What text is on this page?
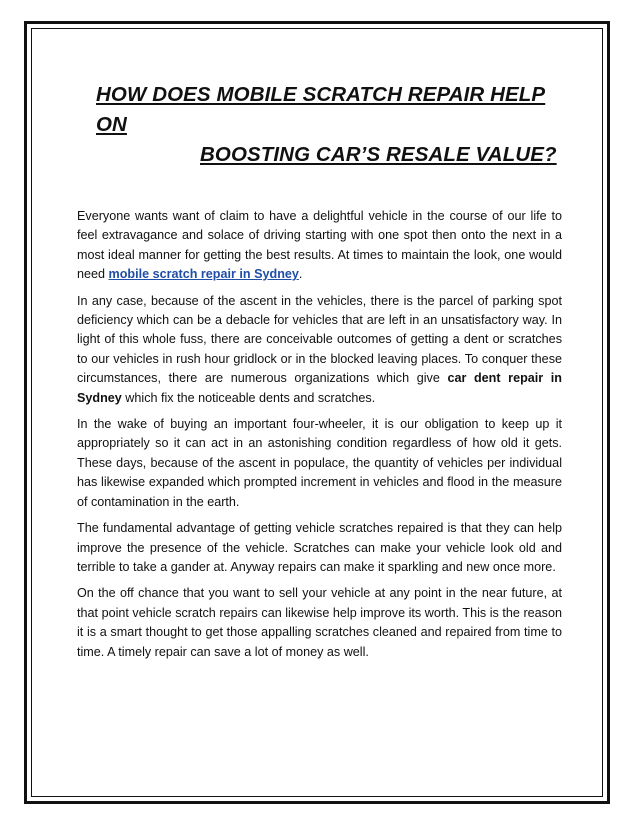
HOW DOES MOBILE SCRATCH REPAIR HELP ON
BOOSTING CAR’S RESALE VALUE?

Everyone wants want of claim to have a delightful vehicle in the course of our life to feel extravagance and solace of driving starting with one spot then onto the next in a most ideal manner for getting the best results. At times to maintain the look, one would need mobile scratch repair in Sydney.

In any case, because of the ascent in the vehicles, there is the parcel of parking spot deficiency which can be a debacle for vehicles that are left in an unsatisfactory way. In light of this whole fuss, there are conceivable outcomes of getting a dent or scratches to our vehicles in rush hour gridlock or in the blocked leaving places. To conquer these circumstances, there are numerous organizations which give car dent repair in Sydney which fix the noticeable dents and scratches.

In the wake of buying an important four-wheeler, it is our obligation to keep up it appropriately so it can act in an astonishing condition regardless of how old it gets. These days, because of the ascent in populace, the quantity of vehicles per individual has likewise expanded which prompted increment in vehicles and flood in the measure of contamination in the earth.

The fundamental advantage of getting vehicle scratches repaired is that they can help improve the presence of the vehicle. Scratches can make your vehicle look old and terrible to take a gander at. Anyway repairs can make it sparkling and new once more.

On the off chance that you want to sell your vehicle at any point in the near future, at that point vehicle scratch repairs can likewise help improve its worth. This is the reason it is a smart thought to get those appalling scratches cleaned and repaired from time to time. A timely repair can save a lot of money as well.
